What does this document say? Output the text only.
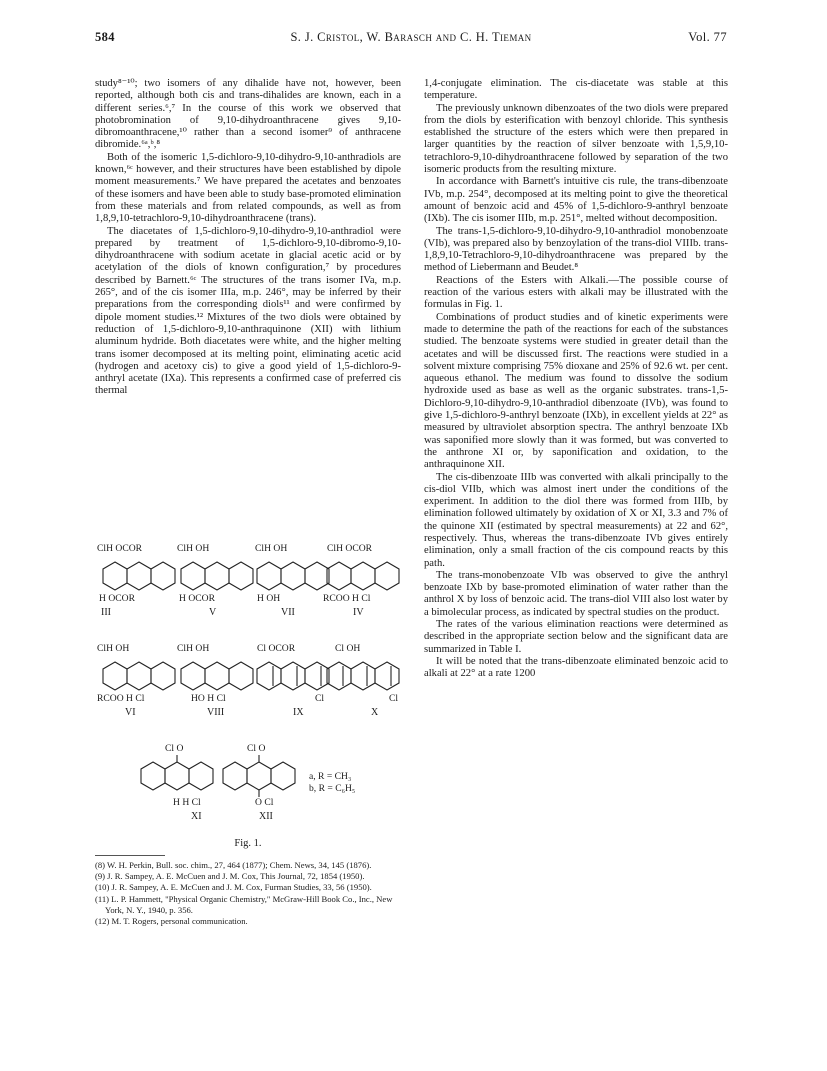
584	S. J. Cristol, W. Barasch and C. H. Tieman	Vol. 77

study⁸⁻¹⁰; two isomers of any dihalide have not, however, been reported, although both cis and trans-dihalides are known, each in a different series.⁶,⁷ In the course of this work we observed that photobromination of 9,10-dihydroanthracene gives 9,10-dibromoanthracene,¹⁰ rather than a second isomer⁹ of anthracene dibromide.⁶ᵃ,ᵇ,⁸

Both of the isomeric 1,5-dichloro-9,10-dihydro-9,10-anthradiols are known,⁶ᶜ however, and their structures have been established by dipole moment measurements.⁷ We have prepared the acetates and benzoates of these isomers and have been able to study base-promoted elimination from these materials and from related compounds, as well as from 1,8,9,10-tetrachloro-9,10-dihydroanthracene (trans).

The diacetates of 1,5-dichloro-9,10-dihydro-9,10-anthradiol were prepared by treatment of 1,5-dichloro-9,10-dibromo-9,10-dihydroanthracene with sodium acetate in glacial acetic acid or by acetylation of the diols of known configuration,⁷ by procedures described by Barnett.⁶ᶜ The structures of the trans isomer IVa, m.p. 265°, and of the cis isomer IIIa, m.p. 246°, may be inferred by their preparations from the corresponding diols¹¹ and were confirmed by dipole moment studies.¹² Mixtures of the two diols were obtained by reduction of 1,5-dichloro-9,10-anthraquinone (XII) with lithium aluminum hydride. Both diacetates were white, and the higher melting trans isomer decomposed at its melting point, eliminating acetic acid (hydrogen and acetoxy cis) to give a good yield of 1,5-dichloro-9-anthryl acetate (IXa). This represents a confirmed case of preferred cis thermal

1,4-conjugate elimination. The cis-diacetate was stable at this temperature.

The previously unknown dibenzoates of the two diols were prepared from the diols by esterification with benzoyl chloride. This synthesis established the structure of the esters which were then prepared in larger quantities by the reaction of silver benzoate with 1,5,9,10-tetrachloro-9,10-dihydroanthracene followed by separation of the two isomeric products from the resulting mixture.

In accordance with Barnett's intuitive cis rule, the trans-dibenzoate IVb, m.p. 254°, decomposed at its melting point to give the theoretical amount of benzoic acid and 45% of 1,5-dichloro-9-anthryl benzoate (IXb). The cis isomer IIIb, m.p. 251°, melted without decomposition.

The trans-1,5-dichloro-9,10-dihydro-9,10-anthradiol monobenzoate (VIb), was prepared also by benzoylation of the trans-diol VIIIb. trans-1,8,9,10-Tetrachloro-9,10-dihydroanthracene was prepared by the method of Liebermann and Beudet.⁸

Reactions of the Esters with Alkali.—The possible course of reaction of the various esters with alkali may be illustrated with the formulas in Fig. 1.

Combinations of product studies and of kinetic experiments were made to determine the path of the reactions for each of the substances studied. The benzoate systems were studied in greater detail than the acetates and will be discussed first. The reactions were studied in a solvent mixture comprising 75% dioxane and 25% of 92.6 wt. per cent. aqueous ethanol. The medium was found to dissolve the sodium hydroxide used as base as well as the organic substrates. trans-1,5-Dichloro-9,10-dihydro-9,10-anthradiol dibenzoate (IVb), was found to give 1,5-dichloro-9-anthryl benzoate (IXb), in excellent yields at 22° as measured by ultraviolet absorption spectra. The anthryl benzoate IXb was saponified more slowly than it was formed, but was converted to the anthrone XI or, by saponification and oxidation, to the anthraquinone XII.

The cis-dibenzoate IIIb was converted with alkali principally to the cis-diol VIIb, which was almost inert under the conditions of the experiment. In addition to the diol there was formed from IIIb, by elimination followed ultimately by oxidation of X or XI, 3.3 and 7% of the quinone XII (estimated by spectral measurements) at 22 and 62°, respectively. Thus, whereas the trans-dibenzoate IVb gives entirely elimination, only a small fraction of the cis compound reacts by this path.

The trans-monobenzoate VIb was observed to give the anthryl benzoate IXb by base-promoted elimination of water rather than the anthrol X by loss of benzoic acid. The trans-diol VIII also lost water by a bimolecular process, as indicated by spectral studies on the product.

The rates of the various elimination reactions were determined as described in the appropriate section below and the significant data are summarized in Table I.

It will be noted that the trans-dibenzoate eliminated benzoic acid to alkali at 22° at a rate 1200

ClH OCOR	ClH OH	ClH OH	ClH OCOR
H OCOR	H OCOR	H OH	RCOO H Cl
III	V	VII	IV
ClH OH	ClH OH	Cl OCOR	Cl OH
RCOO H Cl	HO H Cl	Cl	Cl
VI	VIII	IX	X
Cl O	Cl O
H H Cl	O Cl
XI	XII
a, R = CH₃
b, R = C₆H₅
Fig. 1.

(8) W. H. Perkin, Bull. soc. chim., 27, 464 (1877); Chem. News, 34, 145 (1876).

(9) J. R. Sampey, A. E. McCuen and J. M. Cox, This Journal, 72, 1854 (1950).

(10) J. R. Sampey, A. E. McCuen and J. M. Cox, Furman Studies, 33, 56 (1950).

(11) L. P. Hammett, "Physical Organic Chemistry," McGraw-Hill Book Co., Inc., New York, N. Y., 1940, p. 356.

(12) M. T. Rogers, personal communication.
